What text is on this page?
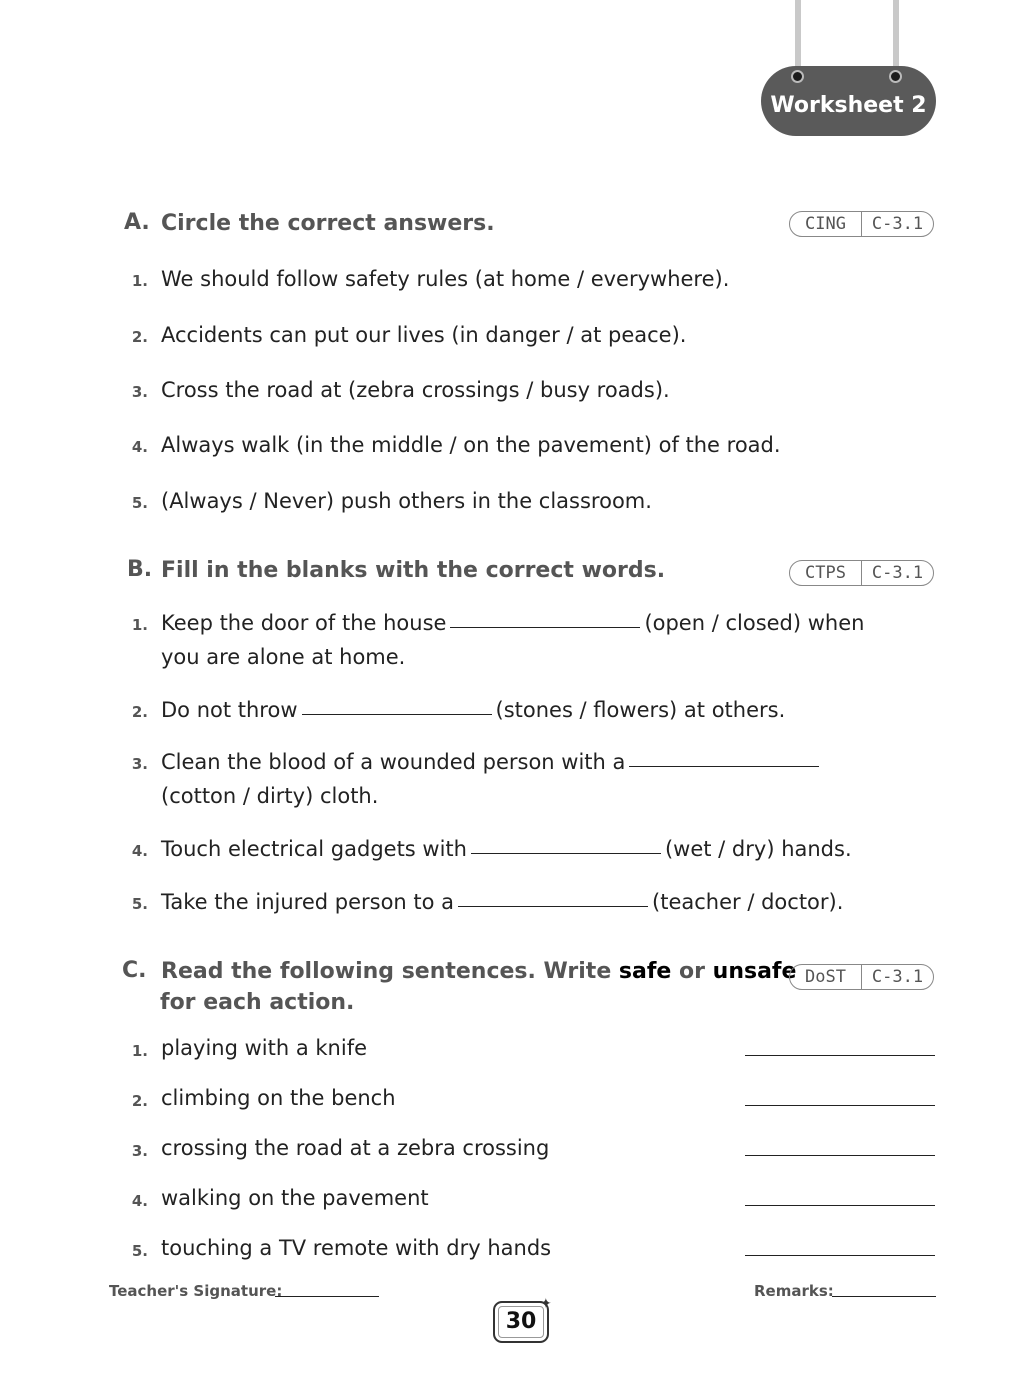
Worksheet 2
A. Circle the correct answers.	CING	C-3.1
1. We should follow safety rules (at home / everywhere).
2. Accidents can put our lives (in danger / at peace).
3. Cross the road at (zebra crossings / busy roads).
4. Always walk (in the middle / on the pavement) of the road.
5. (Always / Never) push others in the classroom.
B. Fill in the blanks with the correct words.	CTPS	C-3.1
1. Keep the door of the house	(open / closed) when
you are alone at home.
2. Do not throw	(stones / flowers) at others.
3. Clean the blood of a wounded person with a
(cotton / dirty) cloth.
4. Touch electrical gadgets with	(wet / dry) hands.
5. Take the injured person to a	(teacher / doctor).
C. Read the following sentences. Write safe or unsafe
for each action.
DoST	C-3.1
1. playing with a knife
2. climbing on the bench
3. crossing the road at a zebra crossing
4. walking on the pavement
5. touching a TV remote with dry hands
Teacher's Signature:	Remarks:
30
✦
